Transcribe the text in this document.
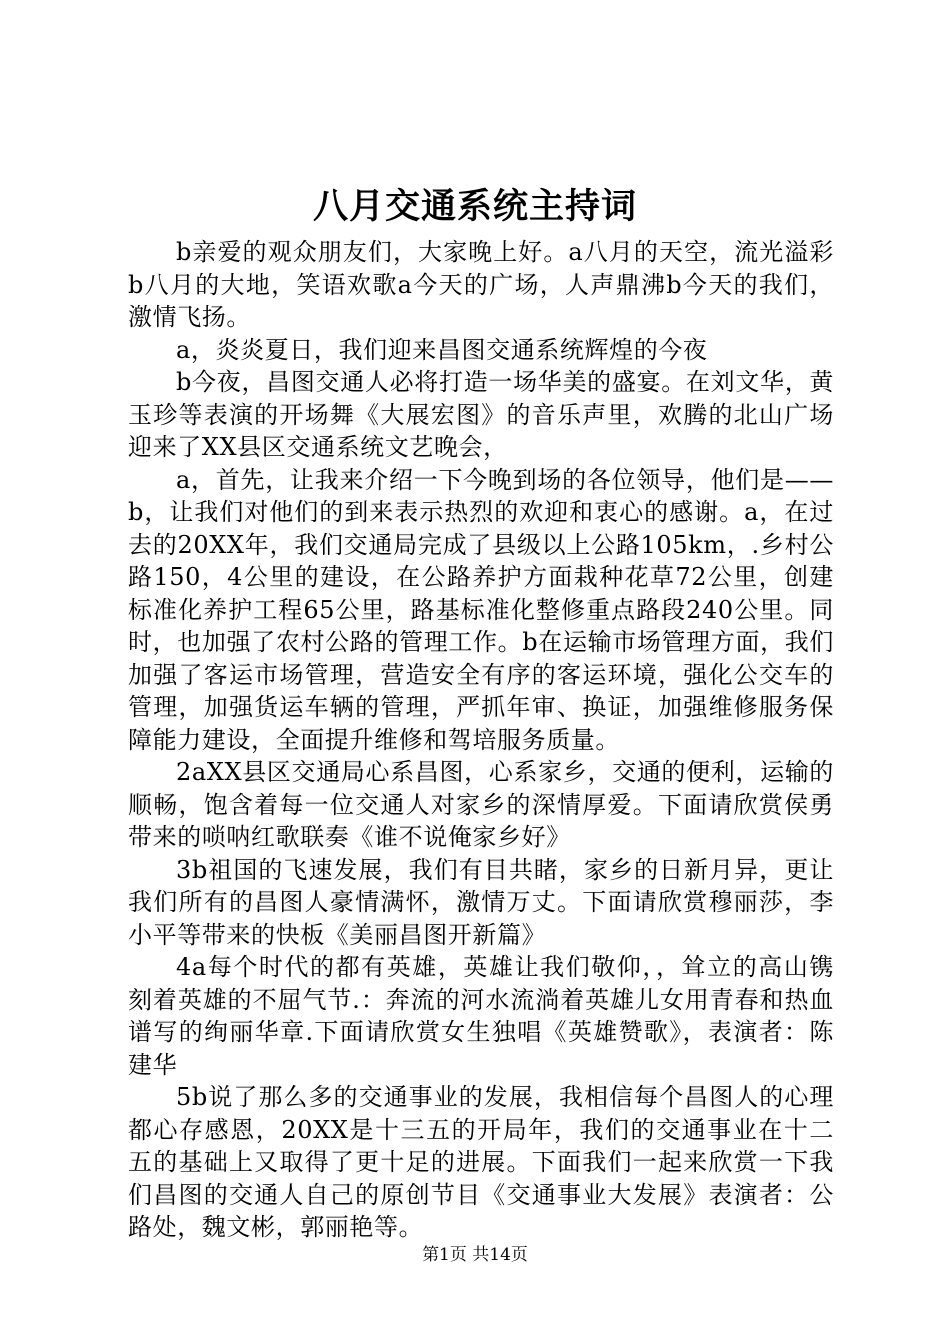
八月交通系统主持词

b亲爱的观众朋友们，大家晚上好。a八月的天空，流光溢彩b八月的大地，笑语欢歌a今天的广场，人声鼎沸b今天的我们，激情飞扬。

a，炎炎夏日，我们迎来昌图交通系统辉煌的今夜

b今夜，昌图交通人必将打造一场华美的盛宴。在刘文华，黄玉珍等表演的开场舞《大展宏图》的音乐声里，欢腾的北山广场迎来了XX县区交通系统文艺晚会，

a，首先，让我来介绍一下今晚到场的各位领导，他们是——b，让我们对他们的到来表示热烈的欢迎和衷心的感谢。a，在过去的20XX年，我们交通局完成了县级以上公路105km，.乡村公路150，4公里的建设，在公路养护方面栽种花草72公里，创建标准化养护工程65公里，路基标准化整修重点路段240公里。同时，也加强了农村公路的管理工作。b在运输市场管理方面，我们加强了客运市场管理，营造安全有序的客运环境，强化公交车的管理，加强货运车辆的管理，严抓年审、换证，加强维修服务保障能力建设，全面提升维修和驾培服务质量。

2aXX县区交通局心系昌图，心系家乡，交通的便利，运输的顺畅，饱含着每一位交通人对家乡的深情厚爱。下面请欣赏侯勇带来的唢呐红歌联奏《谁不说俺家乡好》

3b祖国的飞速发展，我们有目共睹，家乡的日新月异，更让我们所有的昌图人豪情满怀，激情万丈。下面请欣赏穆丽莎，李小平等带来的快板《美丽昌图开新篇》

4a每个时代的都有英雄，英雄让我们敬仰，，耸立的高山镌刻着英雄的不屈气节.：奔流的河水流淌着英雄儿女用青春和热血谱写的绚丽华章.下面请欣赏女生独唱《英雄赞歌》，表演者：陈建华

5b说了那么多的交通事业的发展，我相信每个昌图人的心理都心存感恩，20XX是十三五的开局年，我们的交通事业在十二五的基础上又取得了更十足的进展。下面我们一起来欣赏一下我们昌图的交通人自己的原创节目《交通事业大发展》表演者：公路处，魏文彬，郭丽艳等。

第1页 共14页
